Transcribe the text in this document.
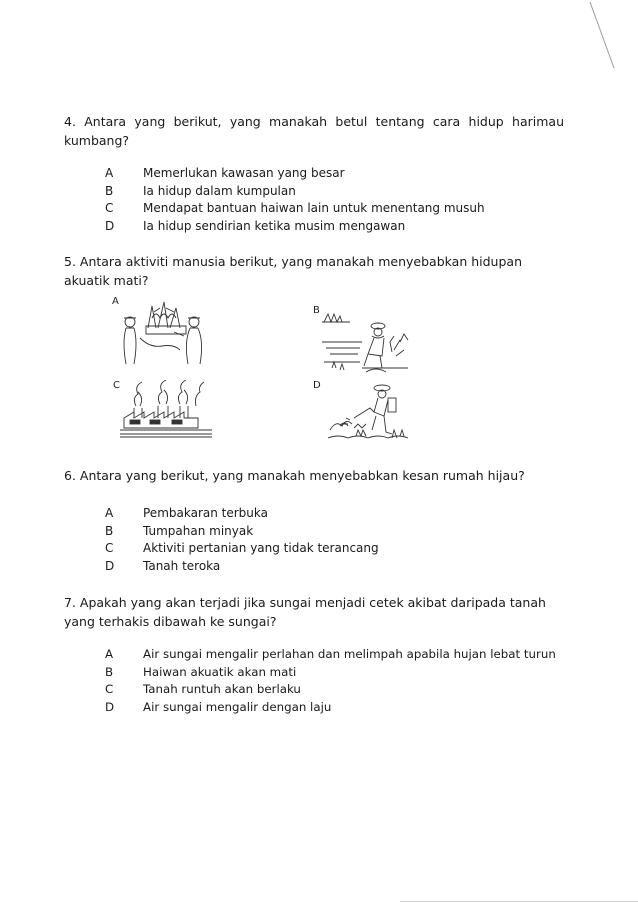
4. Antara yang berikut, yang manakah betul tentang cara hidup harimau kumbang?
A	Memerlukan kawasan yang besar
B	Ia hidup dalam kumpulan
C	Mendapat bantuan haiwan lain untuk menentang musuh
D	Ia hidup sendirian ketika musim mengawan
5. Antara aktiviti manusia berikut, yang manakah menyebabkan hidupan akuatik mati?
A
B
C	D
6. Antara yang berikut, yang manakah menyebabkan kesan rumah hijau?
A	Pembakaran terbuka
B	Tumpahan minyak
C	Aktiviti pertanian yang tidak terancang
D	Tanah teroka
7. Apakah yang akan terjadi jika sungai menjadi cetek akibat daripada tanah yang terhakis dibawah ke sungai?
A	Air sungai mengalir perlahan dan melimpah apabila hujan lebat turun
B	Haiwan akuatik akan mati
C	Tanah runtuh akan berlaku
D	Air sungai mengalir dengan laju
